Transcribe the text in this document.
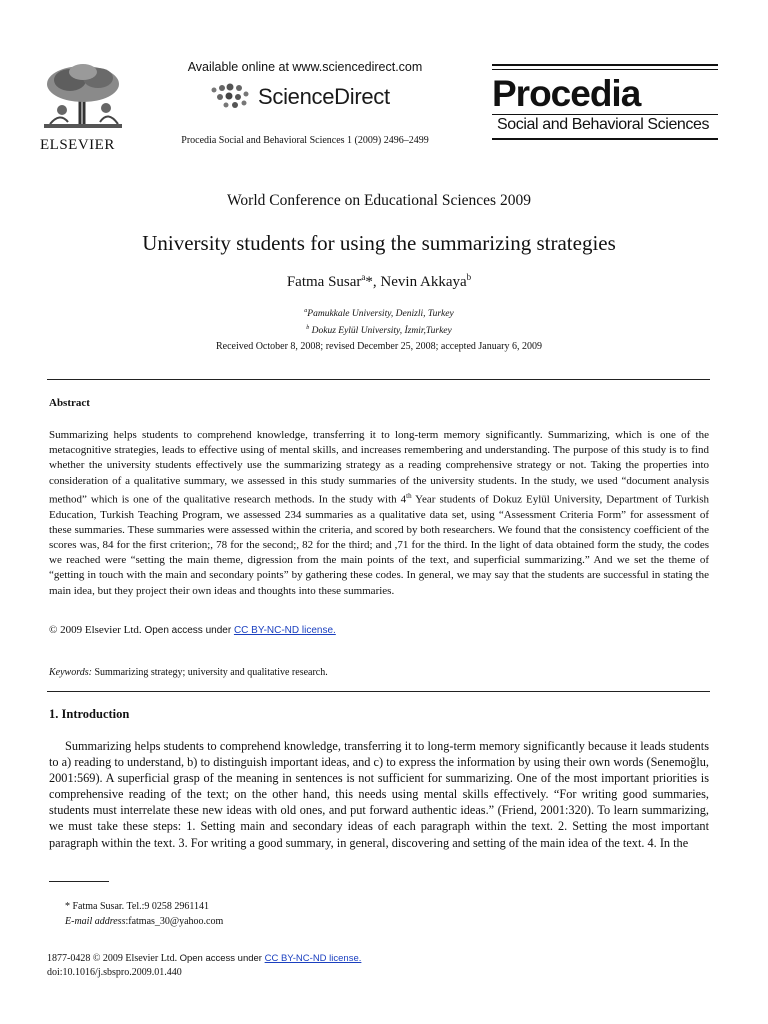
ELSEVIER
Available online at www.sciencedirect.com
ScienceDirect
Procedia Social and Behavioral Sciences 1 (2009) 2496–2499
Procedia
Social and Behavioral Sciences
World Conference on Educational Sciences 2009
University students for using the summarizing strategies
Fatma Susar$^a$*, Nevin Akkaya$^b$
$^a$Pamukkale University, Denizli, Turkey
$^b$ Dokuz Eylül University, İzmir,Turkey
Received October 8, 2008; revised December 25, 2008; accepted January 6, 2009
Abstract
Summarizing helps students to comprehend knowledge, transferring it to long-term memory significantly. Summarizing, which is one of the metacognitive strategies, leads to effective using of mental skills, and increases remembering and understanding. The purpose of this study is to find whether the university students effectively use the summarizing strategy as a reading comprehensive strategy or not. Taking the properties into consideration of a qualitative summary, we assessed in this study summaries of the university students. In the study, we used “document analysis method” which is one of the qualitative research methods. In the study with 4th Year students of Dokuz Eylül University, Department of Turkish Education, Turkish Teaching Program, we assessed 234 summaries as a qualitative data set, using “Assessment Criteria Form” for assessment of these summaries. These summaries were assessed within the criteria, and scored by both researchers. We found that the consistency coefficient of the scores was, 84 for the first criterion;, 78 for the second;, 82 for the third; and ,71 for the third. In the light of data obtained form the study, the codes we reached were “setting the main theme, digression from the main points of the text, and superficial summarizing.” And we set the theme of “getting in touch with the main and secondary points” by gathering these codes. In general, we may say that the students are successful in stating the main idea, but they project their own ideas and thoughts into these summaries.
© 2009 Elsevier Ltd. Open access under CC BY-NC-ND license.
Keywords: Summarizing strategy; university and qualitative research.
1. Introduction
Summarizing helps students to comprehend knowledge, transferring it to long-term memory significantly because it leads students to a) reading to understand, b) to distinguish important ideas, and c) to express the information by using their own words (Senemoğlu, 2001:569). A superficial grasp of the meaning in sentences is not sufficient for summarizing. One of the most important priorities is comprehensive reading of the text; on the other hand, this needs using mental skills effectively. “For writing good summaries, students must interrelate these new ideas with old ones, and put forward authentic ideas.” (Friend, 2001:320). To learn summarizing, we must take these steps: 1. Setting main and secondary ideas of each paragraph within the text. 2. Setting the most important paragraph within the text. 3. For writing a good summary, in general, discovering and setting of the main idea of the text. 4. In the
* Fatma Susar. Tel.:9 0258 2961141
E-mail address:fatmas_30@yahoo.com
1877-0428 © 2009 Elsevier Ltd. Open access under CC BY-NC-ND license.
doi:10.1016/j.sbspro.2009.01.440
